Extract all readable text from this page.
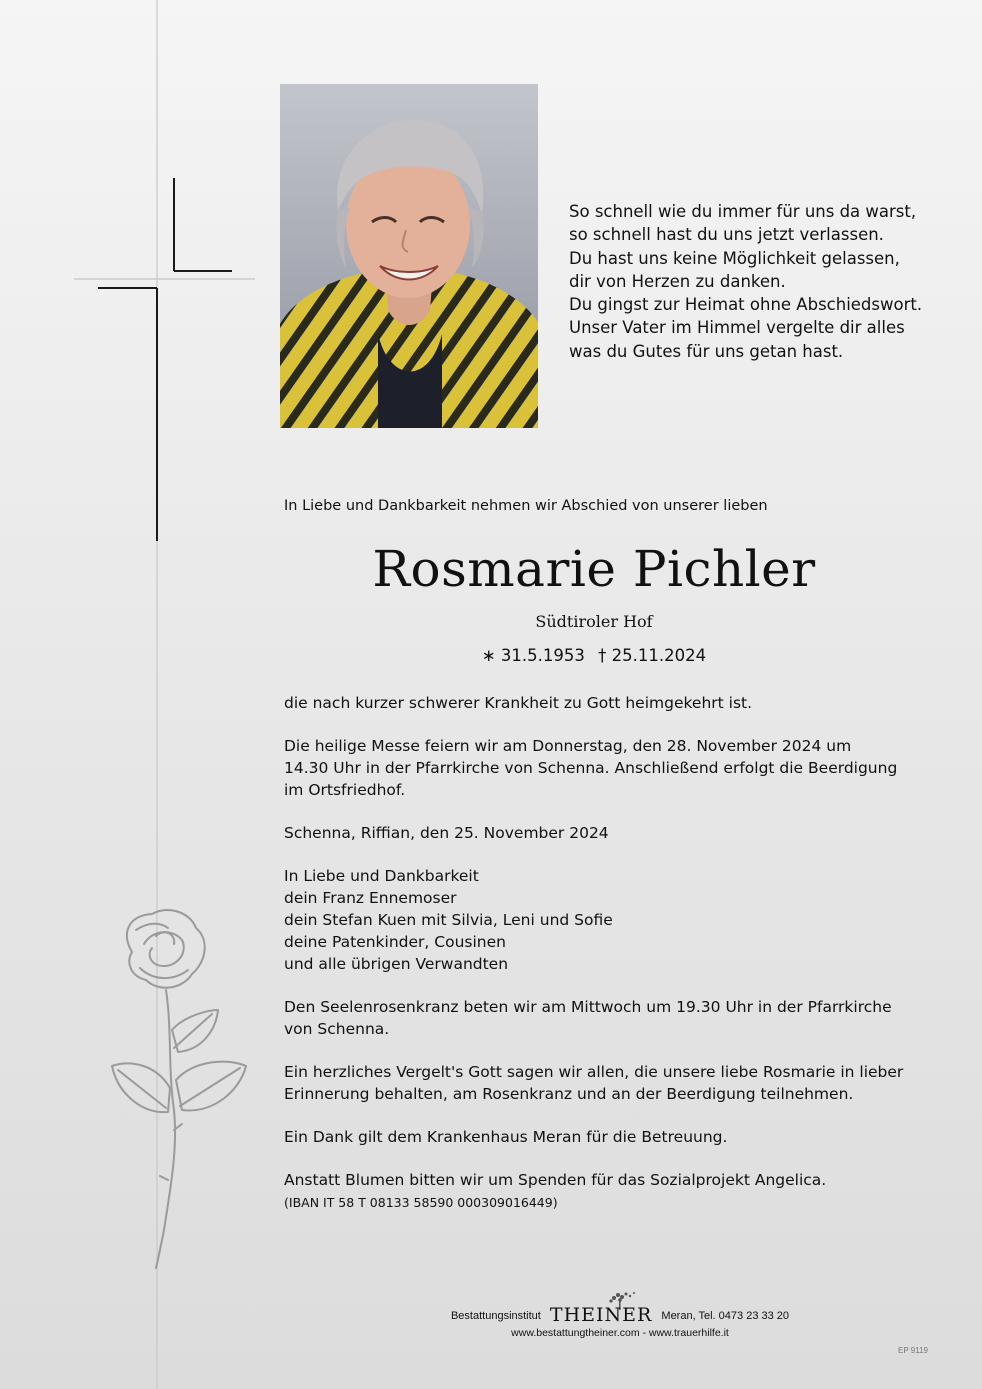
So schnell wie du immer für uns da warst,
so schnell hast du uns jetzt verlassen.
Du hast uns keine Möglichkeit gelassen,
dir von Herzen zu danken.
Du gingst zur Heimat ohne Abschiedswort.
Unser Vater im Himmel vergelte dir alles
was du Gutes für uns getan hast.
In Liebe und Dankbarkeit nehmen wir Abschied von unserer lieben
Rosmarie Pichler
Südtiroler Hof
∗ 31.5.1953 † 25.11.2024

die nach kurzer schwerer Krankheit zu Gott heimgekehrt ist.

Die heilige Messe feiern wir am Donnerstag, den 28. November 2024 um
14.30 Uhr in der Pfarrkirche von Schenna. Anschließend erfolgt die Beerdigung
im Ortsfriedhof.

Schenna, Riffian, den 25. November 2024

In Liebe und Dankbarkeit
dein Franz Ennemoser
dein Stefan Kuen mit Silvia, Leni und Sofie
deine Patenkinder, Cousinen
und alle übrigen Verwandten

Den Seelenrosenkranz beten wir am Mittwoch um 19.30 Uhr in der Pfarrkirche
von Schenna.

Ein herzliches Vergelt's Gott sagen wir allen, die unsere liebe Rosmarie in lieber
Erinnerung behalten, am Rosenkranz und an der Beerdigung teilnehmen.

Ein Dank gilt dem Krankenhaus Meran für die Betreuung.

Anstatt Blumen bitten wir um Spenden für das Sozialprojekt Angelica.
(IBAN IT 58 T 08133 58590 000309016449)

Bestattungsinstitut THEINER Meran, Tel. 0473 23 33 20
www.bestattungtheiner.com - www.trauerhilfe.it
EP 9119
